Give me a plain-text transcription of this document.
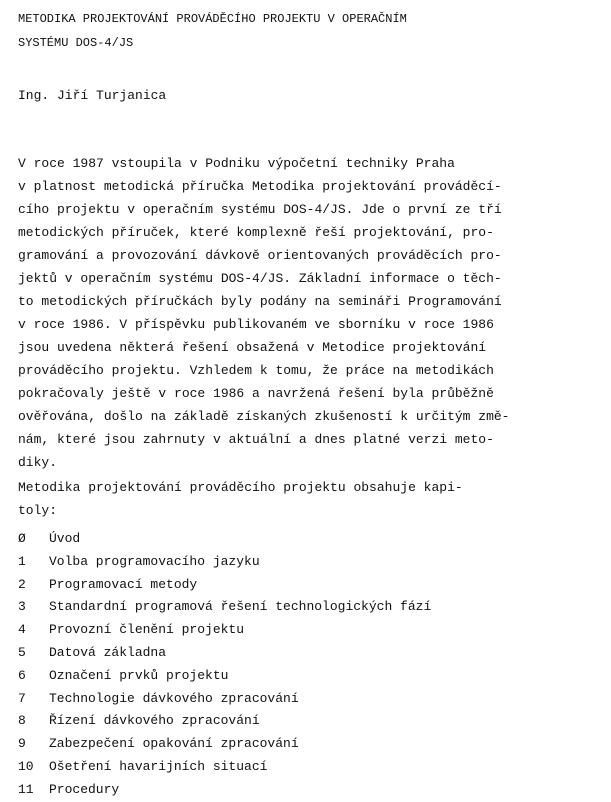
METODIKA PROJEKTOVÁNÍ PROVÁDĚCÍHO PROJEKTU V OPERAČNÍM
SYSTÉMU DOS-4/JS
Ing. Jiří Turjanica
V roce 1987 vstoupila v Podniku výpočetní techniky Praha
v platnost metodická příručka Metodika projektování prováděcí-
cího projektu v operačním systému DOS-4/JS. Jde o první ze tří
metodických příruček, které komplexně řeší projektování, pro-
gramování a provozování dávkově orientovaných prováděcích pro-
jektů v operačním systému DOS-4/JS. Základní informace o těch-
to metodických příručkách byly podány na semináři Programování
v roce 1986. V příspěvku publikovaném ve sborníku v roce 1986
jsou uvedena některá řešení obsažená v Metodice projektování
prováděcího projektu. Vzhledem k tomu, že práce na metodikách
pokračovaly ještě v roce 1986 a navržená řešení byla průběžně
ověřována, došlo na základě získaných zkušeností k určitým změ-
nám, které jsou zahrnuty v aktuální a dnes platné verzi meto-
diky.
Metodika projektování prováděcího projektu obsahuje kapi-
toly:
Ø Úvod
1 Volba programovacího jazyku
2 Programovací metody
3 Standardní programová řešení technologických fází
4 Provozní členění projektu
5 Datová základna
6 Označení prvků projektu
7 Technologie dávkového zpracování
8 Řízení dávkového zpracování
9 Zabezpečení opakování zpracování
10 Ošetření havarijních situací
11 Procedury
